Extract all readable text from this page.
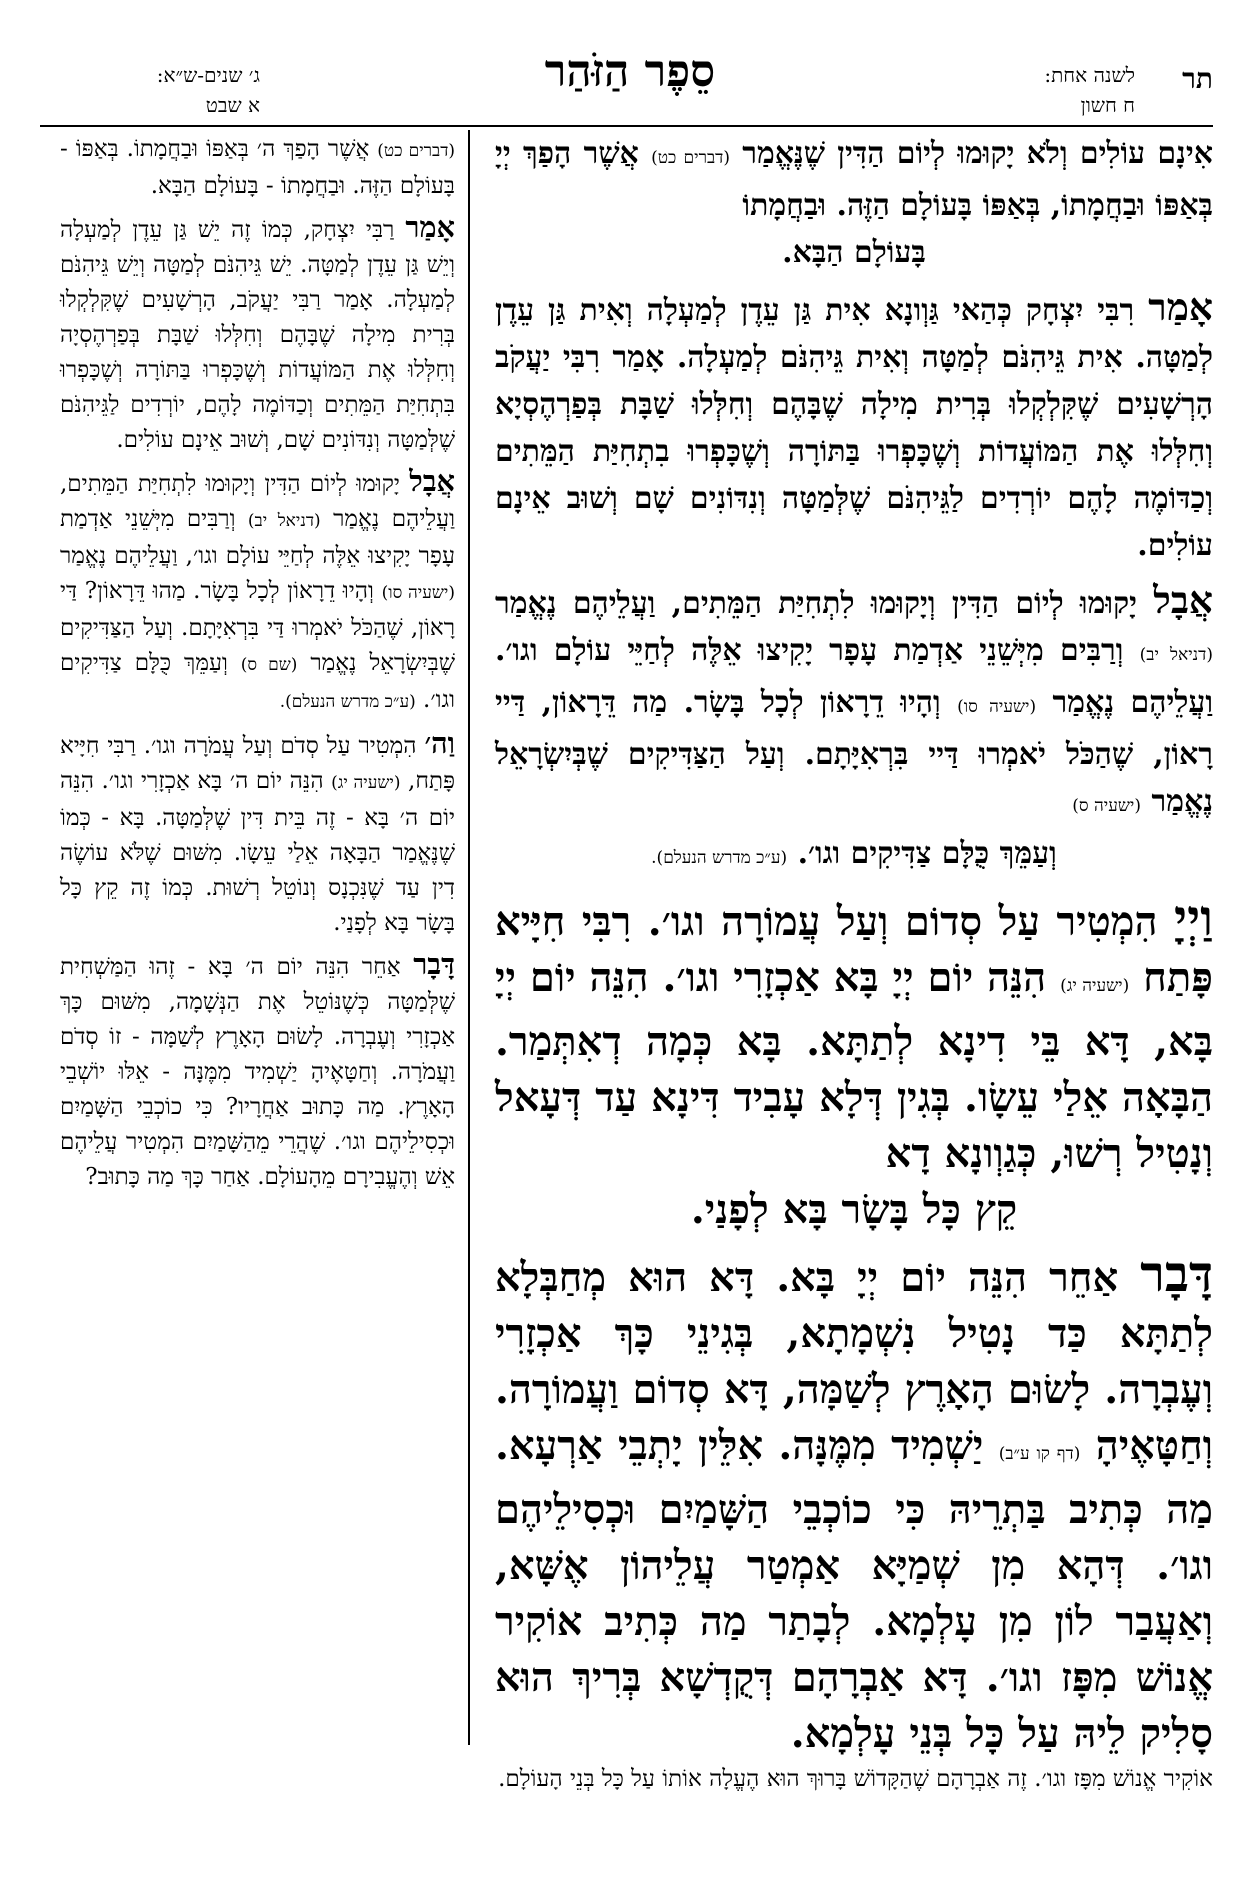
תר
לשנה אחת:
ח חשון
סֵפֶר הַזֹּהַר
ג׳ שנים-ש״א:
א שבט

אִינָם עוֹלִים וְלֹא יָקוּמוּ לְיוֹם הַדִּין שֶׁנֶּאֱמַר (דברים כט) אֲשֶׁר הָפַךְ יְיָ בְּאַפּוֹ וּבַחֲמָתוֹ, בְּאַפּוֹ בָּעוֹלָם הַזֶּה. וּבַחֲמָתוֹ
בָּעוֹלָם הַבָּא.

אָמַר רִבִּי יִצְחָק כְּהַאי גַּוְונָא אִית גַּן עֵדֶן לְמַעְלָה וְאִית גַּן עֵדֶן לְמַטָּה. אִית גֵּיהִנֹּם לְמַטָּה וְאִית גֵּיהִנֹּם לְמַעְלָה. אָמַר רִבִּי יַעֲקֹב הָרְשָׁעִים שֶׁקִּלְקְלוּ בְּרִית מִילָה שֶׁבָּהֶם וְחִלְּלוּ שַׁבָּת בְּפַרְהֶסְיָא וְחִלְּלוּ אֶת הַמּוֹעֲדוֹת וְשֶׁכָּפְרוּ בַּתּוֹרָה וְשֶׁכָּפְרוּ בִתְחִיַּת הַמֵּתִים וְכַדּוֹמֶה לָהֶם יוֹרְדִים לַגֵּיהִנֹּם שֶׁלְּמַטָּה וְנִדּוֹנִים שָׁם וְשׁוּב אֵינָם עוֹלִים.

אֲבָל יָקוּמוּ לְיוֹם הַדִּין וְיָקוּמוּ לִתְחִיַּת הַמֵּתִים, וַעֲלֵיהֶם נֶאֱמַר (דניאל יב) וְרַבִּים מִיְּשֵׁנֵי אַדְמַת עָפָר יָקִיצוּ אֵלֶּה לְחַיֵּי עוֹלָם וגו׳. וַעֲלֵיהֶם נֶאֱמַר (ישעיה סו) וְהָיוּ דֵרָאוֹן לְכָל בָּשָׂר. מַה דֵּרָאוֹן, דַּיי רָאוֹן, שֶׁהַכֹּל יֹאמְרוּ דַּיי בִּרְאִיָּתָם. וְעַל הַצַּדִּיקִים שֶׁבְּיִשְׂרָאֵל נֶאֱמַר (ישעיה ס)
וְעַמֵּךְ כֻּלָּם צַדִּיקִים וגו׳. (ע״כ מדרש הנעלם).

וַיְיָ הִמְטִיר עַל סְדוֹם וְעַל עֲמוֹרָה וגו׳. רִבִּי חִיָּיא פָּתַח (ישעיה יג) הִנֵּה יוֹם יְיָ בָּא אַכְזָרִי וגו׳. הִנֵּה יוֹם יְיָ בָּא, דָּא בֵּי דִינָא לְתַתָּא. בָּא כְּמָה דְאִתְּמַר. הַבָּאָה אֵלַי עֵשָׂו. בְּגִין דְּלָא עָבִיד דִּינָא עַד דְּעָאל וְנָטִיל רְשׁוּ, כְּגַוְונָא דָא
קֵץ כָּל בָּשָׂר בָּא לְפָנַי.

דָּבָר אַחֵר הִנֵּה יוֹם יְיָ בָּא. דָּא הוּא מְחַבְּלָא לְתַתָּא כַּד נָטִיל נִשְׁמָתָא, בְּגִינֵי כָּךְ אַכְזָרִי וְעֶבְרָה. לָשׂוּם הָאָרֶץ לְשַׁמָּה, דָּא סְדוֹם וַעֲמוֹרָה. וְחַטָּאֶיהָ (דף קו ע״ב) יַשְׁמִיד מִמֶּנָּה. אִלֵּין יָתְבֵי אַרְעָא. מַה כְּתִיב בַּתְרֵיהּ כִּי כוֹכְבֵי הַשָּׁמַיִם וּכְסִילֵיהֶם וגו׳. דְּהָא מִן שְׁמַיָּא אַמְטַר עֲלֵיהוֹן אֶשָּׁא, וְאַעֲבַר לוֹן מִן עָלְמָא. לְבָתַר מַה כְּתִיב אוֹקִיר אֱנוֹשׁ מִפָּז וגו׳. דָּא אַבְרָהָם דְּקֻדְשָׁא בְּרִיךְ הוּא סָלִיק לֵיהּ עַל כָּל בְּנֵי עָלְמָא.

(דברים כט) אֲשֶׁר הָפַךְ ה׳ בְּאַפּוֹ וּבַחֲמָתוֹ. בְּאַפּוֹ - בָּעוֹלָם הַזֶּה. וּבַחֲמָתוֹ - בָּעוֹלָם הַבָּא.

אָמַר רַבִּי יִצְחָק, כְּמוֹ זֶה יֵשׁ גַּן עֵדֶן לְמַעְלָה וְיֵשׁ גַּן עֵדֶן לְמַטָּה. יֵשׁ גֵּיהִנֹּם לְמַטָּה וְיֵשׁ גֵּיהִנֹּם לְמַעְלָה. אָמַר רַבִּי יַעֲקֹב, הָרְשָׁעִים שֶׁקִּלְקְלוּ בְּרִית מִילָה שֶׁבָּהֶם וְחִלְּלוּ שַׁבָּת בְּפַרְהֶסְיָה וְחִלְּלוּ אֶת הַמּוֹעֲדוֹת וְשֶׁכָּפְרוּ בַּתּוֹרָה וְשֶׁכָּפְרוּ בִּתְחִיַּת הַמֵּתִים וְכַדּוֹמֶה לָהֶם, יוֹרְדִים לַגֵּיהִנֹּם שֶׁלְּמַטָּה וְנִדּוֹנִים שָׁם, וְשׁוּב אֵינָם עוֹלִים.

אֲבָל יָקוּמוּ לְיוֹם הַדִּין וְיָקוּמוּ לִתְחִיַּת הַמֵּתִים, וַעֲלֵיהֶם נֶאֱמַר (דניאל יב) וְרַבִּים מִיְּשֵׁנֵי אַדְמַת עָפָר יָקִיצוּ אֵלֶּה לְחַיֵּי עוֹלָם וגו׳, וַעֲלֵיהֶם נֶאֱמַר (ישעיה סו) וְהָיוּ דֵרָאוֹן לְכָל בָּשָׂר. מַהוּ דֵּרָאוֹן? דַּי רָאוֹן, שֶׁהַכֹּל יֹאמְרוּ דַּי בִּרְאִיָּתָם. וְעַל הַצַּדִּיקִים שֶׁבְּיִשְׂרָאֵל נֶאֱמַר (שם ס) וְעַמֵּךְ כֻּלָּם צַדִּיקִים וגו׳. (ע״כ מדרש הנעלם).

וַה׳ הִמְטִיר עַל סְדֹם וְעַל עֲמֹרָה וגו׳. רַבִּי חִיָּיא פָּתַח, (ישעיה יג) הִנֵּה יוֹם ה׳ בָּא אַכְזָרִי וגו׳. הִנֵּה יוֹם ה׳ בָּא - זֶה בֵּית דִּין שֶׁלְּמַטָּה. בָּא - כְּמוֹ שֶׁנֶּאֱמַר הַבָּאָה אֵלַי עֵשָׂו. מִשּׁוּם שֶׁלֹּא עוֹשֶׂה דִין עַד שֶׁנִּכְנָס וְנוֹטֵל רְשׁוּת. כְּמוֹ זֶה קֵץ כָּל בָּשָׂר בָּא לְפָנַי.

דָּבָר אַחֵר הִנֵּה יוֹם ה׳ בָּא - זֶהוּ הַמַּשְׁחִית שֶׁלְּמַטָּה כְּשֶׁנּוֹטֵל אֶת הַנְּשָׁמָה, מִשּׁוּם כָּךְ אַכְזָרִי וְעֶבְרָה. לָשׂוּם הָאָרֶץ לְשַׁמָּה - זוֹ סְדֹם וַעֲמֹרָה. וְחַטָּאֶיהָ יַשְׁמִיד מִמֶּנָּה - אֵלּוּ יוֹשְׁבֵי הָאָרֶץ. מַה כָּתוּב אַחֲרָיו? כִּי כוֹכְבֵי הַשָּׁמַיִם וּכְסִילֵיהֶם וגו׳. שֶׁהֲרֵי מֵהַשָּׁמַיִם הִמְטִיר עֲלֵיהֶם אֵשׁ וְהֶעֱבִירָם מֵהָעוֹלָם. אַחַר כָּךְ מַה כָּתוּב?

אוֹקִיר אֱנוֹשׁ מִפָּז וגו׳. זֶה אַבְרָהָם שֶׁהַקָּדוֹשׁ בָּרוּךְ הוּא הֶעֱלָה אוֹתוֹ עַל כָּל בְּנֵי הָעוֹלָם.
